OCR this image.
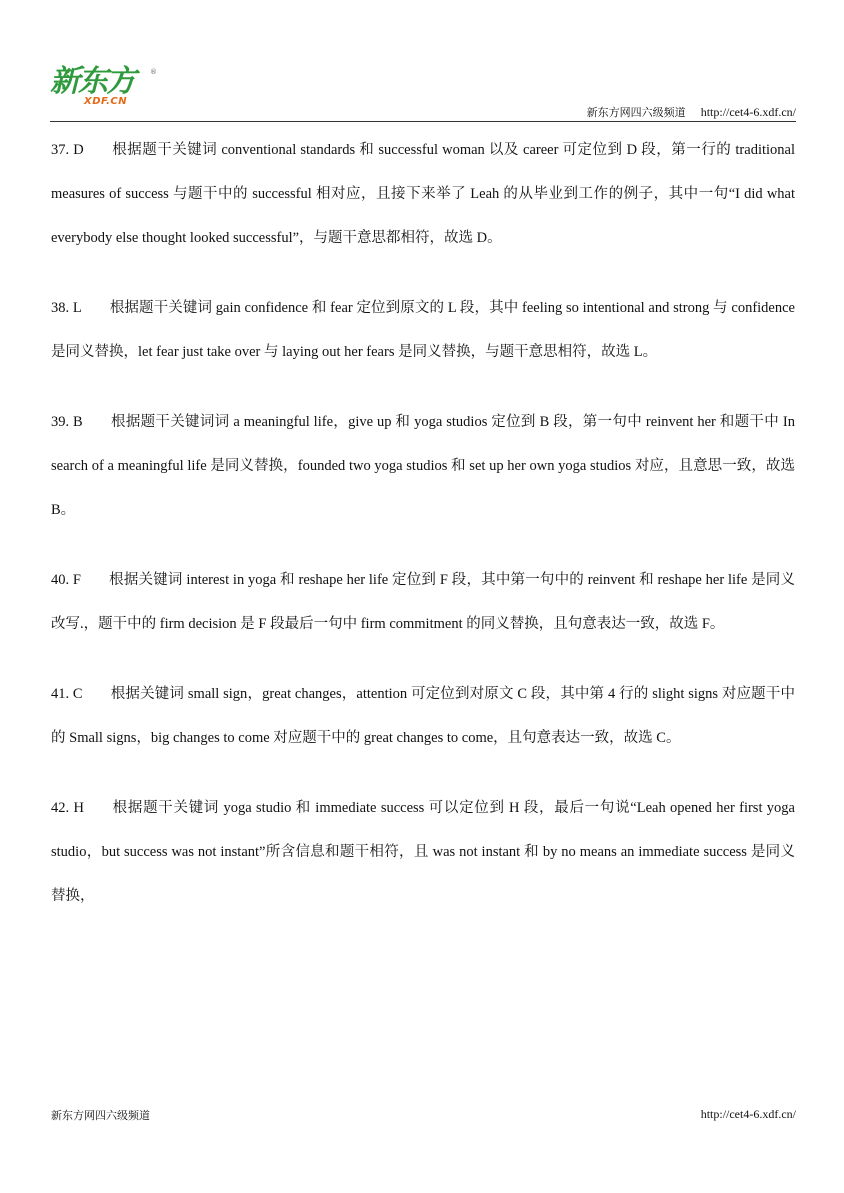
新东方
XDF.CN
®
新东方网四六级频道 http://cet4-6.xdf.cn/

37. D 根据题干关键词 conventional standards 和 successful woman 以及 career 可定位到 D 段，第一行的 traditional measures of success 与题干中的 successful 相对应，且接下来举了 Leah 的从毕业到工作的例子，其中一句“I did what everybody else thought looked successful”，与题干意思都相符，故选 D。

38. L 根据题干关键词 gain confidence 和 fear 定位到原文的 L 段，其中 feeling so intentional and strong 与 confidence 是同义替换，let fear just take over 与 laying out her fears 是同义替换，与题干意思相符，故选 L。

39. B 根据题干关键词词 a meaningful life，give up 和 yoga studios 定位到 B 段，第一句中 reinvent her 和题干中 In search of a meaningful life 是同义替换，founded two yoga studios 和 set up her own yoga studios 对应，且意思一致，故选 B。

40. F 根据关键词 interest in yoga 和 reshape her life 定位到 F 段，其中第一句中的 reinvent 和 reshape her life 是同义改写.，题干中的 firm decision 是 F 段最后一句中 firm commitment 的同义替换，且句意表达一致，故选 F。

41. C 根据关键词 small sign，great changes，attention 可定位到对原文 C 段，其中第 4 行的 slight signs 对应题干中的 Small signs，big changes to come 对应题干中的 great changes to come，且句意表达一致，故选 C。

42. H 根据题干关键词 yoga studio 和 immediate success 可以定位到 H 段，最后一句说“Leah opened her first yoga studio，but success was not instant”所含信息和题干相符，且 was not instant 和 by no means an immediate success 是同义替换，

新东方网四六级频道	http://cet4-6.xdf.cn/
